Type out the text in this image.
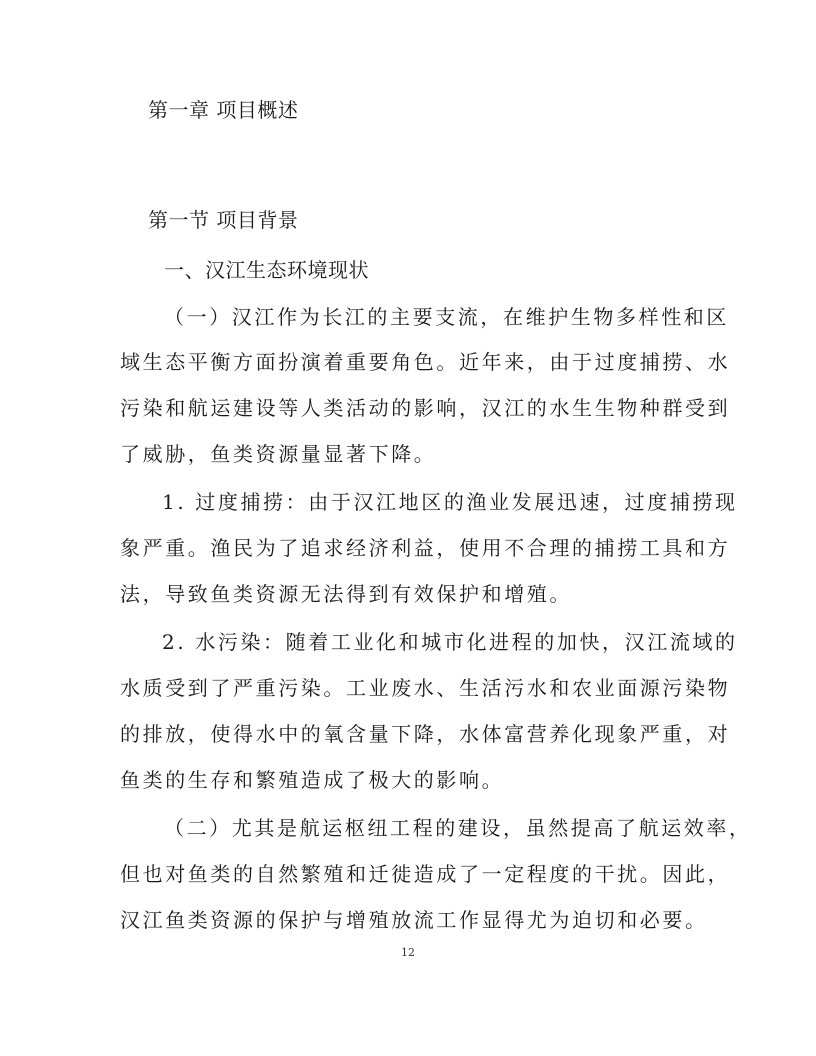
第一章 项目概述
第一节 项目背景
一、汉江生态环境现状
（一）汉江作为长江的主要支流，在维护生物多样性和区
域生态平衡方面扮演着重要角色。近年来，由于过度捕捞、水
污染和航运建设等人类活动的影响，汉江的水生生物种群受到
了威胁，鱼类资源量显著下降。
1. 过度捕捞：由于汉江地区的渔业发展迅速，过度捕捞现
象严重。渔民为了追求经济利益，使用不合理的捕捞工具和方
法，导致鱼类资源无法得到有效保护和增殖。
2. 水污染：随着工业化和城市化进程的加快，汉江流域的
水质受到了严重污染。工业废水、生活污水和农业面源污染物
的排放，使得水中的氧含量下降，水体富营养化现象严重，对
鱼类的生存和繁殖造成了极大的影响。
（二）尤其是航运枢纽工程的建设，虽然提高了航运效率，
但也对鱼类的自然繁殖和迁徙造成了一定程度的干扰。因此，
汉江鱼类资源的保护与增殖放流工作显得尤为迫切和必要。
12
